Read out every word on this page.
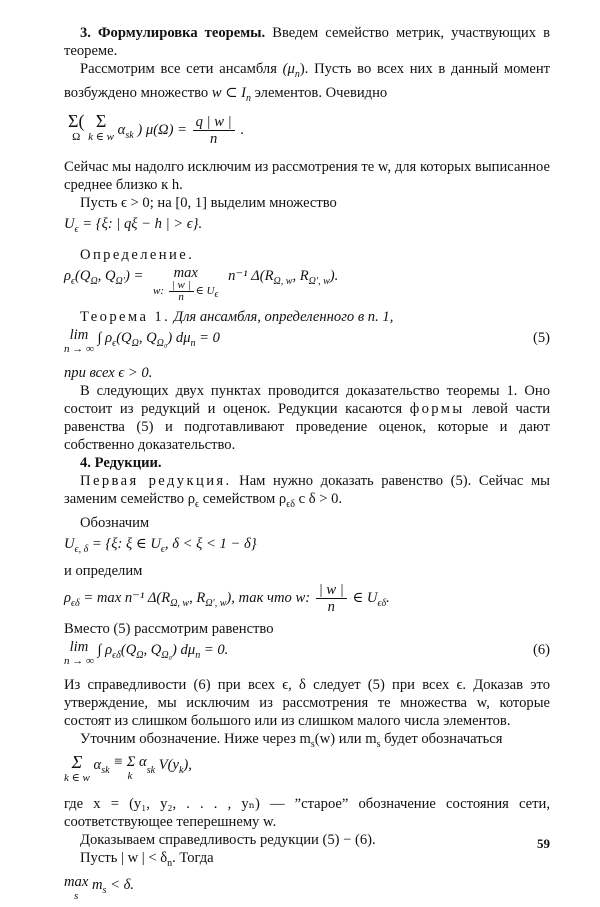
3. Формулировка теоремы. Введем семейство метрик, участвующих в теореме.

Рассмотрим все сети ансамбля $(\mu_n)$. Пусть во всех них в данный момент возбуждено множество w ⊂ $I_n$ элементов. Очевидно

Σ(
Ω
Σ
k ∈ w $\alpha_{sk}$ ) $\mu(\Omega) = \frac{q | w |}{n}$ .

Сейчас мы надолго исключим из рассмотрения те w, для которых выписанное среднее близко к h.

Пусть ϵ > 0; на [0, 1] выделим множество

$U_\epsilon = \{\xi$: | qξ − h | > ϵ}.

Определение.

$\rho_\epsilon(Q_\Omega$, $Q_{\Omega'}) = \max$
w: $\frac{| w |}{n}$ ∈ $U_\epsilon$
n⁻¹ $\Delta(R_{\Omega, w}$, $R_{\Omega', w}$).

Теорема 1. Для ансамбля, определенного в п. 1,

lim
n → ∞
∫ $\rho_\epsilon(Q_\Omega$, $Q_{\Omega_0}$) $d\mu_n = 0$	(5)

при всех ϵ > 0.

В следующих двух пунктах проводится доказательство теоремы 1. Оно состоит из редукций и оценок. Редукции касаются формы левой части равенства (5) и подготавливают проведение оценок, которые и дают собственно доказательство.

4. Редукции.

Первая редукция. Нам нужно доказать равенство (5). Сейчас мы заменим семейство $\rho_\epsilon$ семейством $\rho_{\epsilon\delta}$ с δ > 0.

Обозначим

$U_{\epsilon, \delta} = \{\xi$: ξ ∈ $U_\epsilon$, δ < ξ < 1 − δ}

и определим

$\rho_{\epsilon\delta} = \max n^{-1}$ $\Delta(R_{\Omega, w}$, $R_{\Omega', w}$), так что w: $\frac{| w |}{n}$ ∈ $U_{\epsilon\delta}$.

Вместо (5) рассмотрим равенство

lim
n → ∞
∫ $\rho_{\epsilon\delta}(Q_\Omega$, $Q_{\Omega_0}$) $d\mu_n = 0$.	(6)

Из справедливости (6) при всех ϵ, δ следует (5) при всех ϵ. Доказав это утверждение, мы исключим из рассмотрения те множества w, которые состоят из слишком большого или из слишком малого числа элементов.

Уточним обозначение. Ниже через $m_s(w)$ или $m_s$ будет обозначаться

Σ
k ∈ w
$\alpha_{sk} \equiv \Sigma$ α
k	$_{sk}$ $V(y_k)$,

где x = (y₁, y₂, . . . , yₙ) — ”старое” обозначение состояния сети, соответствующее теперешнему w.

Доказываем справедливость редукции (5) − (6).

Пусть | w | < $\delta_n$. Тогда

max
s
$m_s < \delta$.
59
